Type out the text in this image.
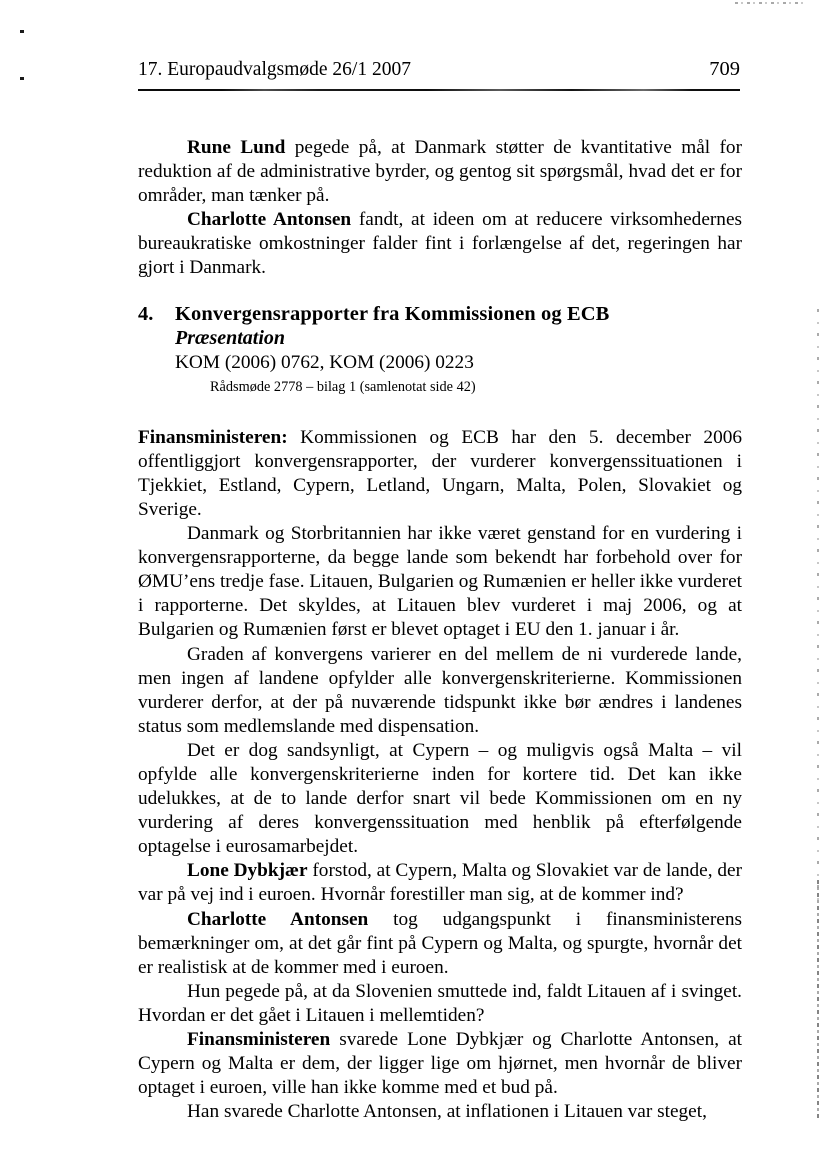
17. Europaudvalgsmøde 26/1 2007	709

Rune Lund pegede på, at Danmark støtter de kvantitative mål for reduktion af de administrative byrder, og gentog sit spørgsmål, hvad det er for områder, man tænker på.

Charlotte Antonsen fandt, at ideen om at reducere virksomhedernes bureaukratiske omkostninger falder fint i forlængelse af det, regeringen har gjort i Danmark.

4.	Konvergensrapporter fra Kommissionen og ECB
Præsentation
KOM (2006) 0762, KOM (2006) 0223
Rådsmøde 2778 – bilag 1 (samlenotat side 42)

Finansministeren: Kommissionen og ECB har den 5. december 2006 offentliggjort konvergensrapporter, der vurderer konvergenssituationen i Tjekkiet, Estland, Cypern, Letland, Ungarn, Malta, Polen, Slovakiet og Sverige.

Danmark og Storbritannien har ikke været genstand for en vurdering i konvergensrapporterne, da begge lande som bekendt har forbehold over for ØMU’ens tredje fase. Litauen, Bulgarien og Rumænien er heller ikke vurderet i rapporterne. Det skyldes, at Litauen blev vurderet i maj 2006, og at Bulgarien og Rumænien først er blevet optaget i EU den 1. januar i år.

Graden af konvergens varierer en del mellem de ni vurderede lande, men ingen af landene opfylder alle konvergenskriterierne. Kommissionen vurderer derfor, at der på nuværende tidspunkt ikke bør ændres i landenes status som medlemslande med dispensation.

Det er dog sandsynligt, at Cypern – og muligvis også Malta – vil opfylde alle konvergenskriterierne inden for kortere tid. Det kan ikke udelukkes, at de to lande derfor snart vil bede Kommissionen om en ny vurdering af deres konvergenssituation med henblik på efterfølgende optagelse i eurosamarbejdet.

Lone Dybkjær forstod, at Cypern, Malta og Slovakiet var de lande, der var på vej ind i euroen. Hvornår forestiller man sig, at de kommer ind?

Charlotte Antonsen tog udgangspunkt i finansministerens bemærkninger om, at det går fint på Cypern og Malta, og spurgte, hvornår det er realistisk at de kommer med i euroen.

Hun pegede på, at da Slovenien smuttede ind, faldt Litauen af i svinget. Hvordan er det gået i Litauen i mellemtiden?

Finansministeren svarede Lone Dybkjær og Charlotte Antonsen, at Cypern og Malta er dem, der ligger lige om hjørnet, men hvornår de bliver optaget i euroen, ville han ikke komme med et bud på.

Han svarede Charlotte Antonsen, at inflationen i Litauen var steget,
